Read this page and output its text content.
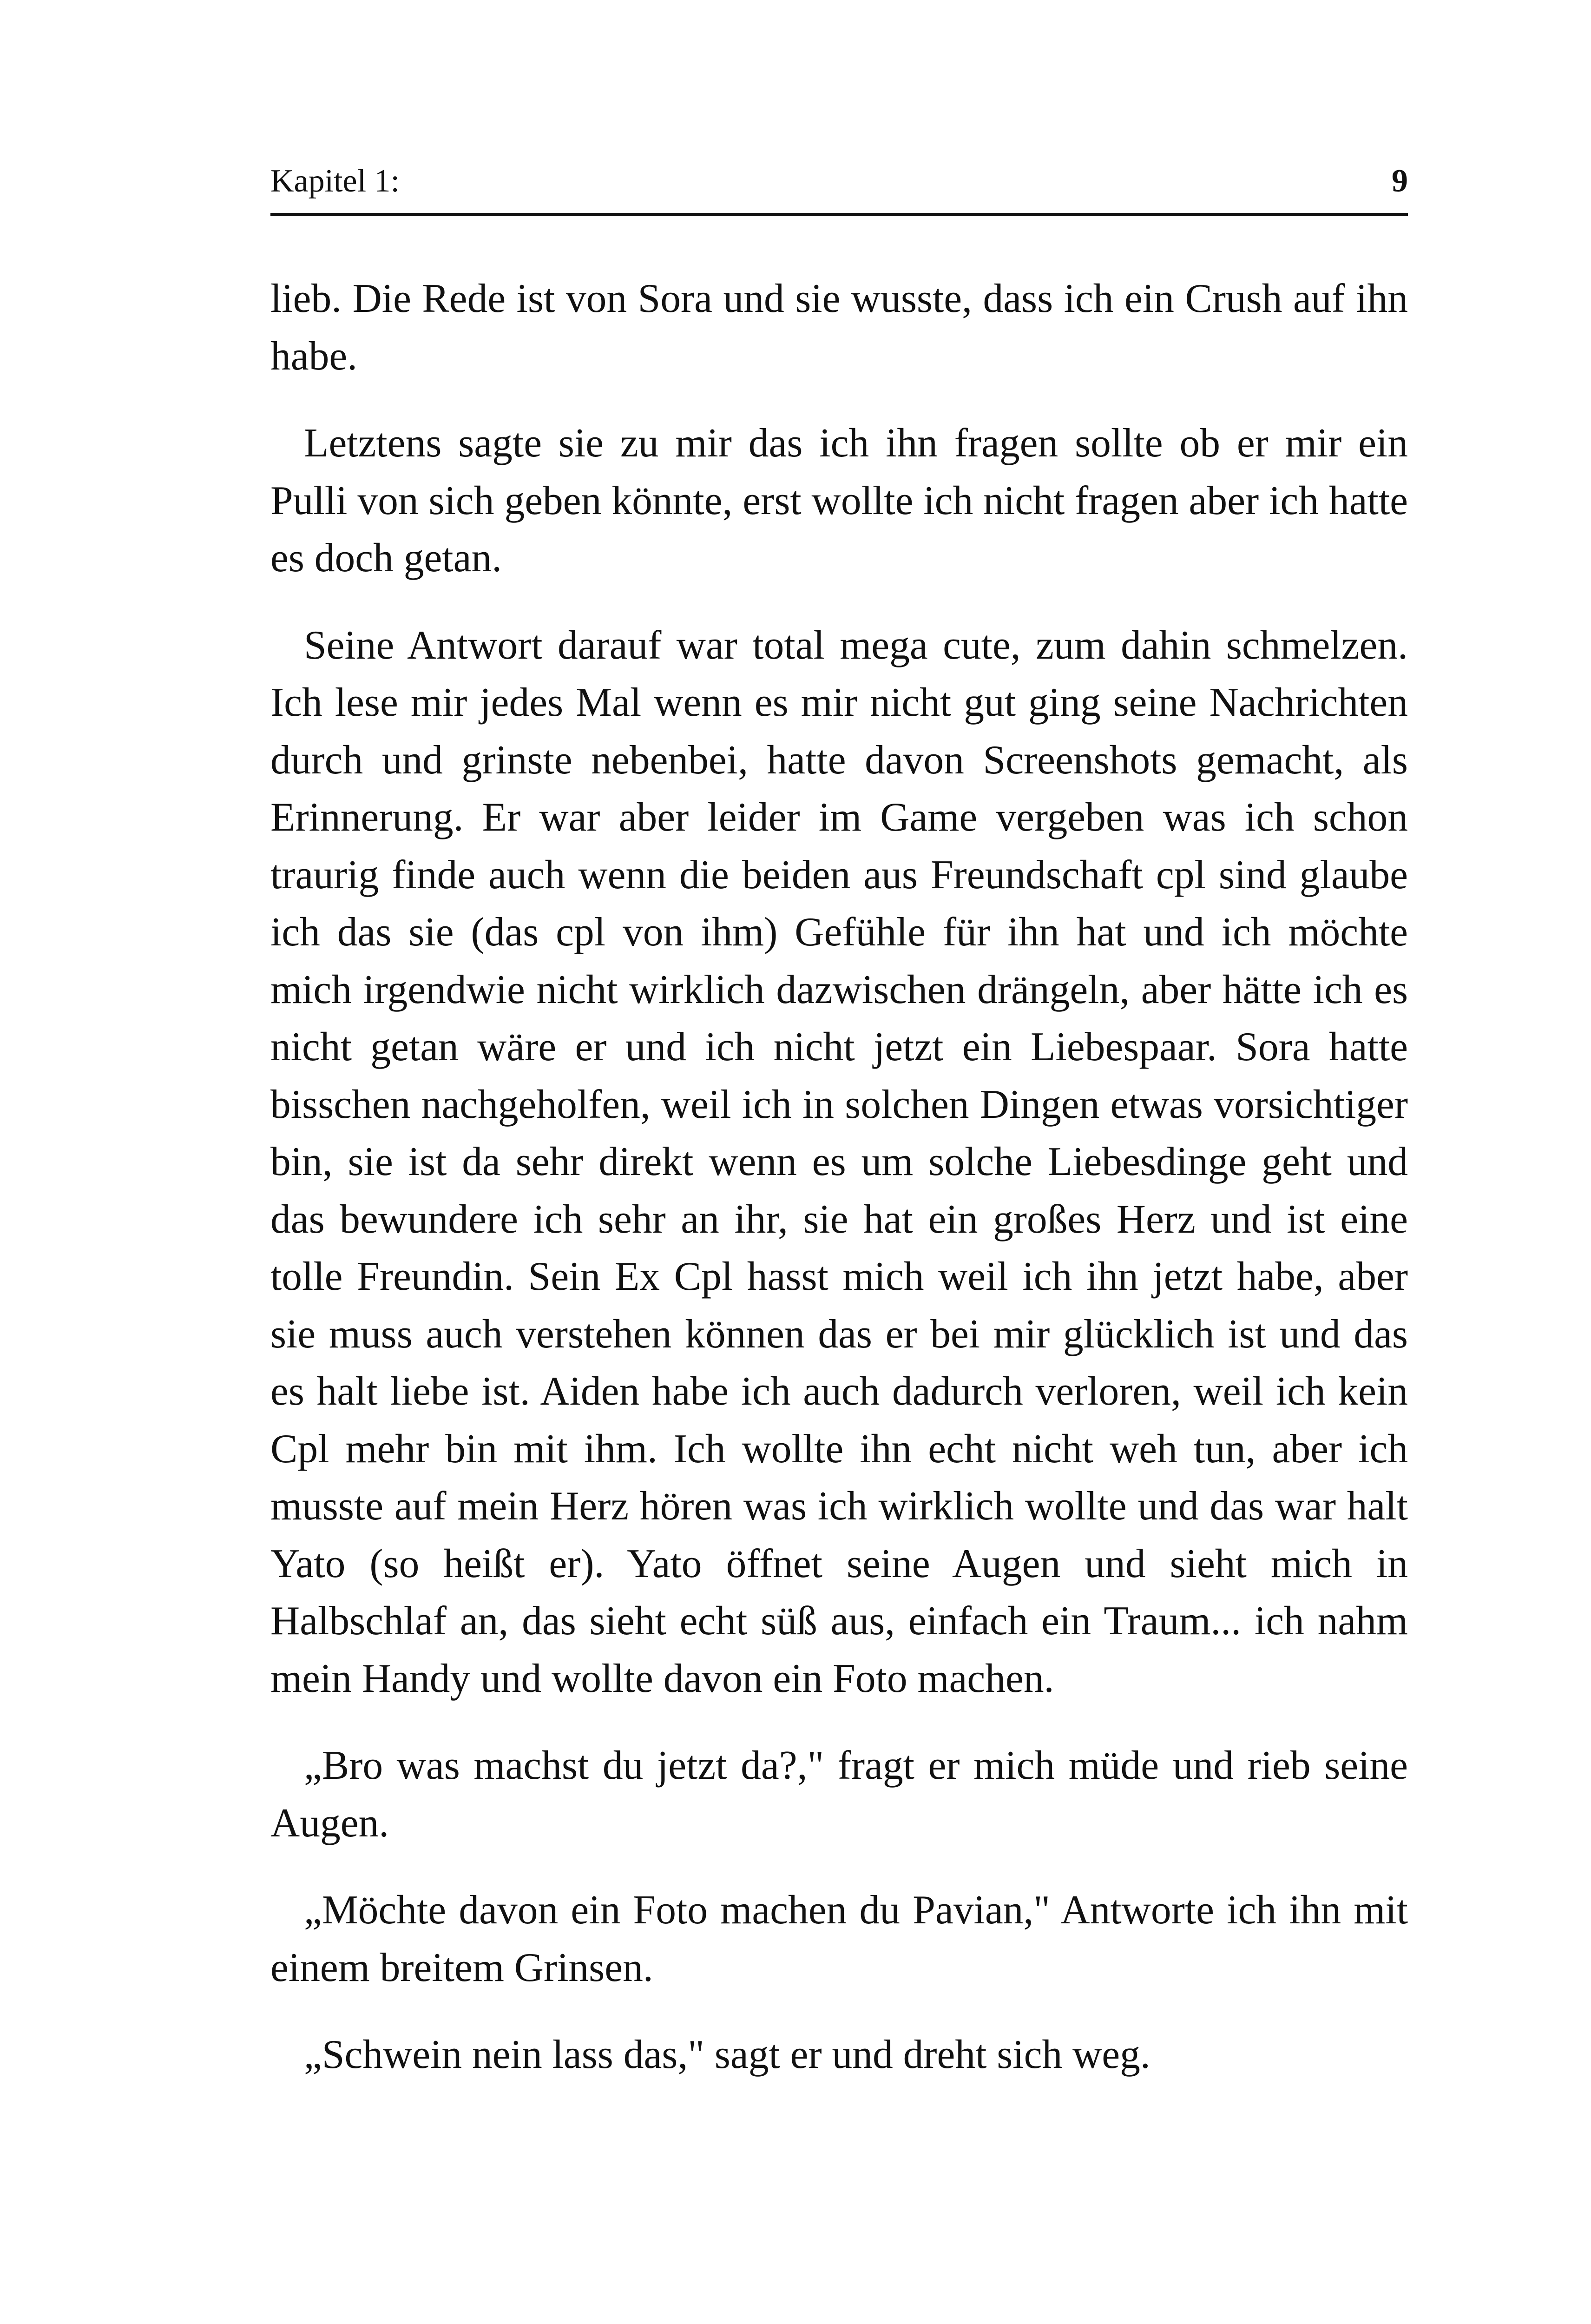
Kapitel 1:	9

lieb. Die Rede ist von Sora und sie wusste, dass ich ein Crush auf ihn habe.

Letztens sagte sie zu mir das ich ihn fragen sollte ob er mir ein Pulli von sich geben könnte, erst wollte ich nicht fragen aber ich hatte es doch getan.

Seine Antwort darauf war total mega cute, zum dahin schmelzen. Ich lese mir jedes Mal wenn es mir nicht gut ging seine Nachrichten durch und grinste nebenbei, hatte davon Screenshots gemacht, als Erinnerung. Er war aber leider im Game vergeben was ich schon traurig finde auch wenn die beiden aus Freundschaft cpl sind glaube ich das sie (das cpl von ihm) Gefühle für ihn hat und ich möchte mich irgendwie nicht wirklich dazwischen drängeln, aber hätte ich es nicht getan wäre er und ich nicht jetzt ein Liebespaar. Sora hatte bisschen nachgeholfen, weil ich in solchen Dingen etwas vorsichtiger bin, sie ist da sehr direkt wenn es um solche Liebesdinge geht und das bewundere ich sehr an ihr, sie hat ein großes Herz und ist eine tolle Freundin. Sein Ex Cpl hasst mich weil ich ihn jetzt habe, aber sie muss auch verstehen können das er bei mir glücklich ist und das es halt liebe ist. Aiden habe ich auch dadurch verloren, weil ich kein Cpl mehr bin mit ihm. Ich wollte ihn echt nicht weh tun, aber ich musste auf mein Herz hören was ich wirklich wollte und das war halt Yato (so heißt er). Yato öffnet seine Augen und sieht mich in Halbschlaf an, das sieht echt süß aus, einfach ein Traum... ich nahm mein Handy und wollte davon ein Foto machen.

„Bro was machst du jetzt da?," fragt er mich müde und rieb seine Augen.

„Möchte davon ein Foto machen du Pavian," Antworte ich ihn mit einem breitem Grinsen.

„Schwein nein lass das," sagt er und dreht sich weg.
